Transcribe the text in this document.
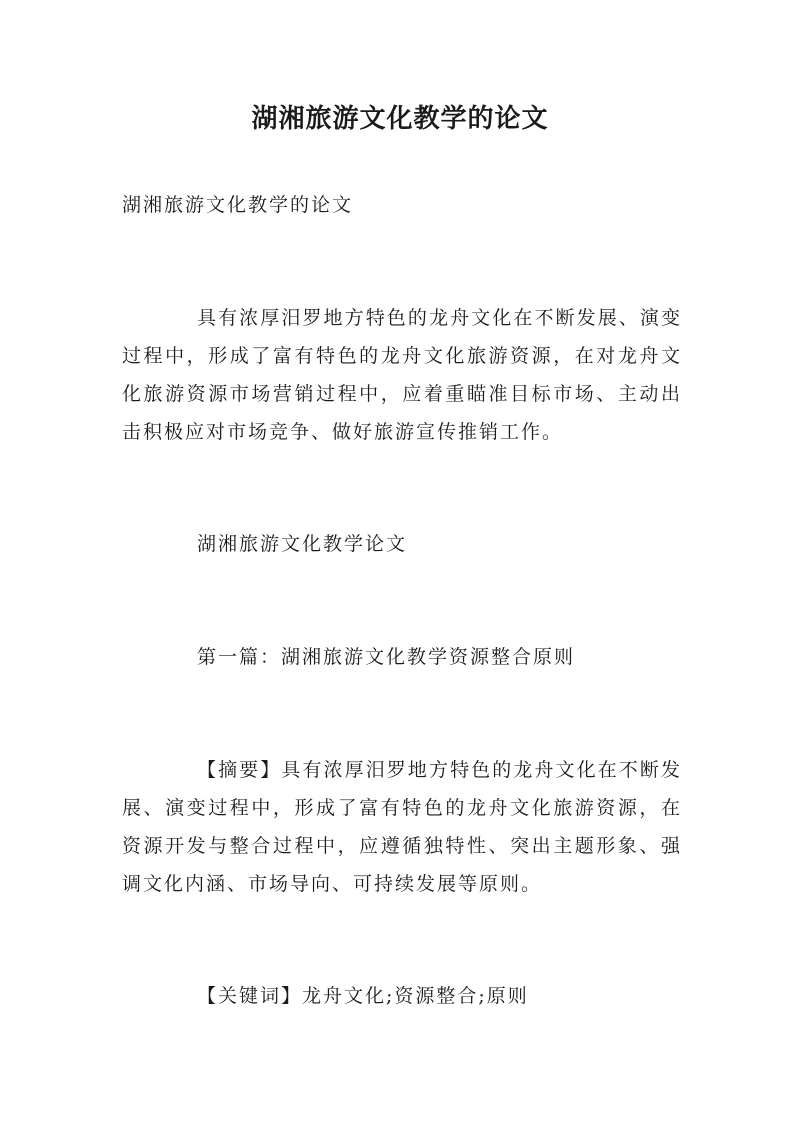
湖湘旅游文化教学的论文
湖湘旅游文化教学的论文
具有浓厚汨罗地方特色的龙舟文化在不断发展、演变过程中，形成了富有特色的龙舟文化旅游资源，在对龙舟文化旅游资源市场营销过程中，应着重瞄准目标市场、主动出击积极应对市场竞争、做好旅游宣传推销工作。
湖湘旅游文化教学论文
第一篇：湖湘旅游文化教学资源整合原则
【摘要】具有浓厚汨罗地方特色的龙舟文化在不断发展、演变过程中，形成了富有特色的龙舟文化旅游资源，在资源开发与整合过程中，应遵循独特性、突出主题形象、强调文化内涵、市场导向、可持续发展等原则。
【关键词】龙舟文化;资源整合;原则
